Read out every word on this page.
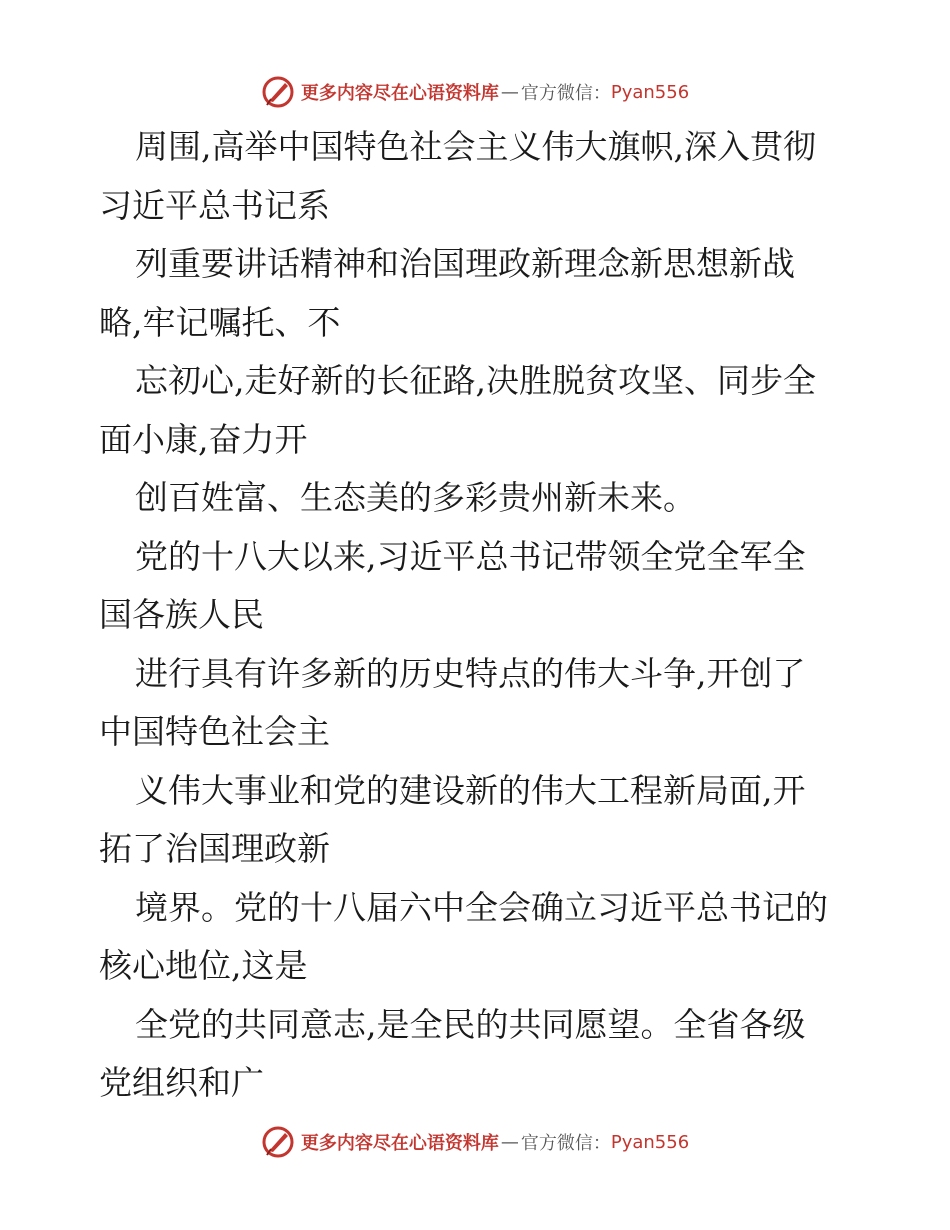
更多内容尽在心语资料库 — 官方微信： Pyan556
周围,高举中国特色社会主义伟大旗帜,深入贯彻
习近平总书记系
列重要讲话精神和治国理政新理念新思想新战
略,牢记嘱托、不
忘初心,走好新的长征路,决胜脱贫攻坚、同步全
面小康,奋力开
创百姓富、生态美的多彩贵州新未来。
党的十八大以来,习近平总书记带领全党全军全
国各族人民
进行具有许多新的历史特点的伟大斗争,开创了
中国特色社会主
义伟大事业和党的建设新的伟大工程新局面,开
拓了治国理政新
境界。党的十八届六中全会确立习近平总书记的
核心地位,这是
全党的共同意志,是全民的共同愿望。全省各级
党组织和广
更多内容尽在心语资料库 — 官方微信： Pyan556
